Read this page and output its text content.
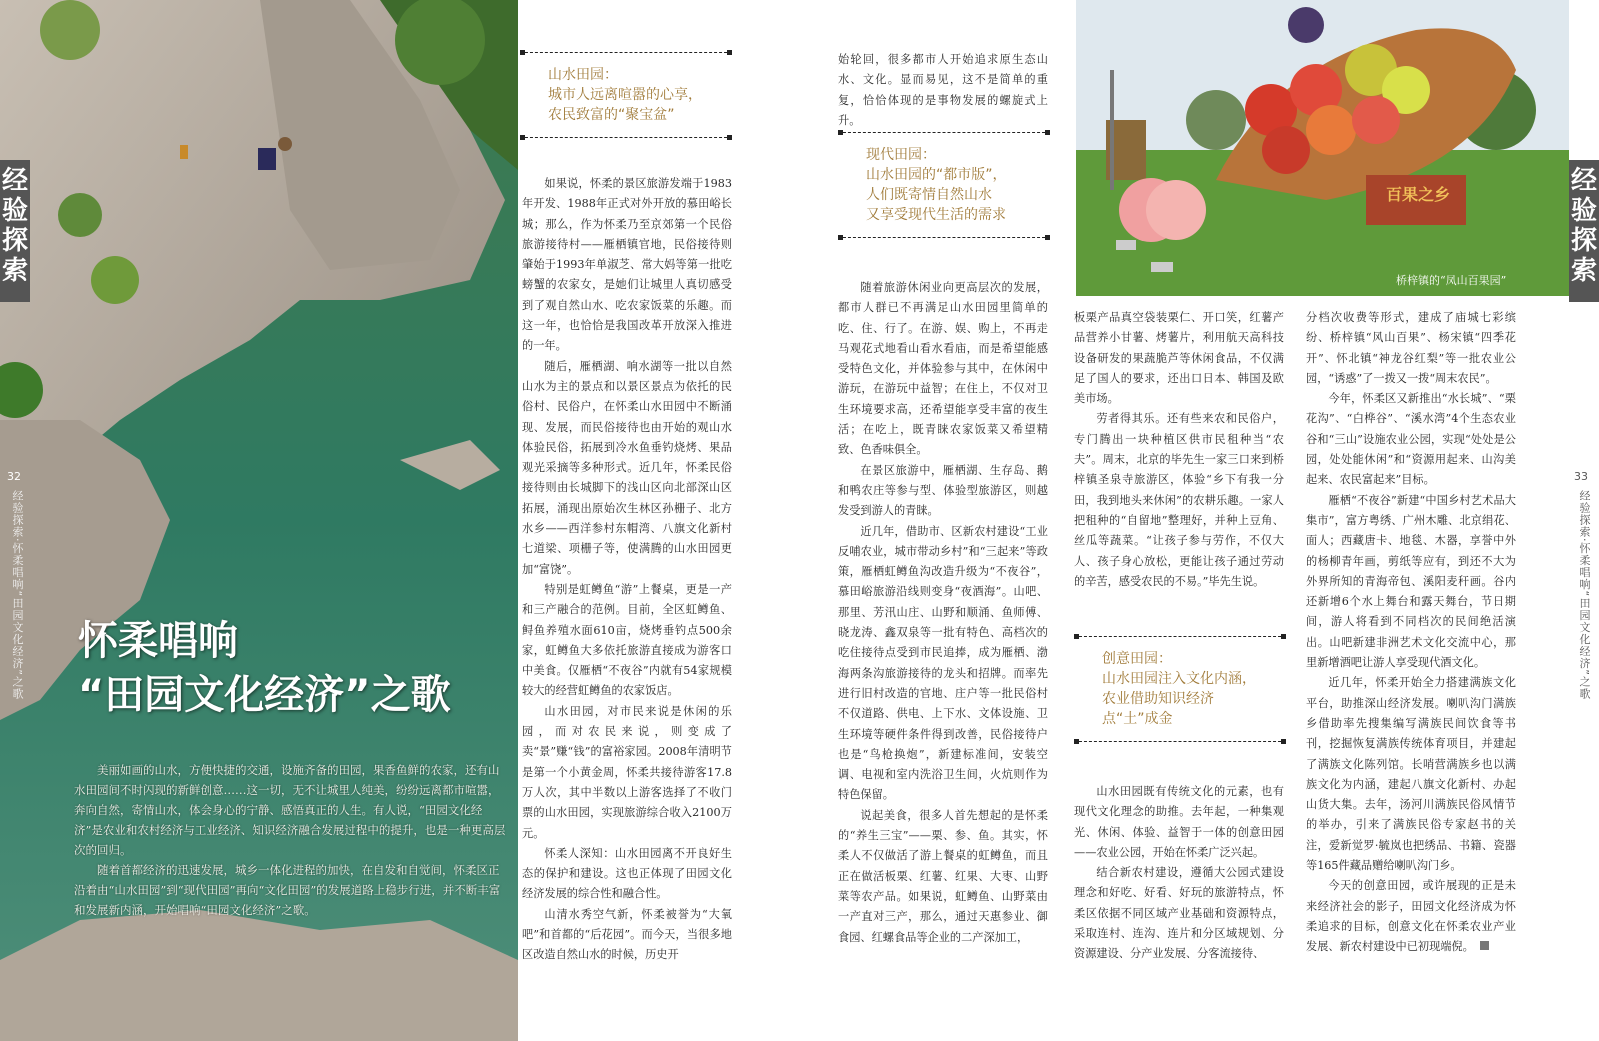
经验探索
32
经验探索·怀柔唱响“田园文化经济”之歌 怀柔唱响
“田园文化经济”之歌

美丽如画的山水，方便快捷的交通，设施齐备的田园，果香鱼鲜的农家，还有山水田园间不时闪现的新鲜创意……这一切，无不让城里人纯美，纷纷远离都市喧嚣，奔向自然，寄情山水，体会身心的宁静、感悟真正的人生。有人说，“田园文化经济”是农业和农村经济与工业经济、知识经济融合发展过程中的提升，也是一种更高层次的回归。

随着首都经济的迅速发展，城乡一体化进程的加快，在自发和自觉间，怀柔区正沿着由“山水田园”到“现代田园”再向“文化田园”的发展道路上稳步行进，并不断丰富和发展新内涵，开始唱响“田园文化经济”之歌。

山水田园：
城市人远离喧嚣的心享，
农民致富的“聚宝盆”

如果说，怀柔的景区旅游发端于1983年开发、1988年正式对外开放的慕田峪长城；那么，作为怀柔乃至京郊第一个民俗旅游接待村——雁栖镇官地，民俗接待则肇始于1993年单淑芝、常大妈等第一批吃螃蟹的农家女，是她们让城里人真切感受到了观自然山水、吃农家饭菜的乐趣。而这一年，也恰恰是我国改革开放深入推进的一年。

随后，雁栖湖、响水湖等一批以自然山水为主的景点和以景区景点为依托的民俗村、民俗户，在怀柔山水田园中不断涌现、发展，而民俗接待也由开始的观山水体验民俗，拓展到冷水鱼垂钓烧烤、果品观光采摘等多种形式。近几年，怀柔民俗接待则由长城脚下的浅山区向北部深山区拓展，涌现出原始次生林区孙栅子、北方水乡——西洋参村东帽湾、八旗文化新村七道梁、项栅子等，使满腾的山水田园更加“富饶”。

特别是虹鳟鱼“游”上餐桌，更是一产和三产融合的范例。目前，全区虹鳟鱼、鲟鱼养殖水面610亩，烧烤垂钓点500余家，虹鳟鱼大多依托旅游直接成为游客口中美食。仅雁栖“不夜谷”内就有54家规模较大的经营虹鳟鱼的农家饭店。

山水田园，对市民来说是休闲的乐园，而对农民来说，则变成了卖“景”赚“钱”的富裕家园。2008年清明节是第一个小黄金周，怀柔共接待游客17.8万人次，其中半数以上游客选择了不收门票的山水田园，实现旅游综合收入2100万元。

怀柔人深知：山水田园离不开良好生态的保护和建设。这也正体现了田园文化经济发展的综合性和融合性。

山清水秀空气新，怀柔被誉为“大氧吧”和首都的“后花园”。而今天，当很多地区改造自然山水的时候，历史开

始轮回，很多都市人开始追求原生态山水、文化。显而易见，这不是简单的重复，恰恰体现的是事物发展的螺旋式上升。

现代田园：
山水田园的“都市版”，
人们既寄情自然山水
又享受现代生活的需求

随着旅游休闲业向更高层次的发展，都市人群已不再满足山水田园里简单的吃、住、行了。在游、娱、购上，不再走马观花式地看山看水看庙，而是希望能感受特色文化，并体验参与其中，在休闲中游玩，在游玩中益智；在住上，不仅对卫生环境要求高，还希望能享受丰富的夜生活；在吃上，既青睐农家饭菜又希望精致、色香味俱全。

在景区旅游中，雁栖湖、生存岛、鹅和鸭农庄等参与型、体验型旅游区，则越发受到游人的青睐。

近几年，借助市、区新农村建设“工业反哺农业，城市带动乡村”和“三起来”等政策，雁栖虹鳟鱼沟改造升级为“不夜谷”，慕田峪旅游沿线则变身“夜酒海”。山吧、那里、芳汛山庄、山野和顺涌、鱼师傅、晓龙涛、鑫双泉等一批有特色、高档次的吃住接待点受到市民追捧，成为雁栖、渤海两条沟旅游接待的龙头和招牌。而率先进行旧村改造的官地、庄户等一批民俗村不仅道路、供电、上下水、文体设施、卫生环境等硬件条件得到改善，民俗接待户也是“鸟枪换炮”，新建标准间，安装空调、电视和室内洗浴卫生间，火炕则作为特色保留。

说起美食，很多人首先想起的是怀柔的“养生三宝”——栗、参、鱼。其实，怀柔人不仅做活了游上餐桌的虹鳟鱼，而且正在做活板栗、红薯、红果、大枣、山野菜等农产品。如果说，虹鳟鱼、山野菜由一产直对三产，那么，通过天惠参业、御食园、红螺食品等企业的二产深加工，

百果之乡
桥梓镇的“凤山百果园”
经验探索
33
经验探索·怀柔唱响“田园文化经济”之歌

板栗产品真空袋装栗仁、开口笑，红薯产品营养小甘薯、烤薯片，利用航天高科技设备研发的果蔬脆芦等休闲食品，不仅满足了国人的要求，还出口日本、韩国及欧美市场。

劳者得其乐。还有些来农和民俗户，专门腾出一块种植区供市民租种当“农夫”。周末，北京的毕先生一家三口来到桥梓镇圣泉寺旅游区，体验“乡下有我一分田，我到地头来休闲”的农耕乐趣。一家人把租种的“自留地”整理好，并种上豆角、丝瓜等蔬菜。“让孩子参与劳作，不仅大人、孩子身心放松，更能让孩子通过劳动的辛苦，感受农民的不易。”毕先生说。

创意田园：
山水田园注入文化内涵，
农业借助知识经济
点“土”成金

山水田园既有传统文化的元素，也有现代文化理念的助推。去年起，一种集观光、休闲、体验、益智于一体的创意田园——农业公园，开始在怀柔广泛兴起。

结合新农村建设，遵循大公园式建设理念和好吃、好看、好玩的旅游特点，怀柔区依据不同区域产业基础和资源特点，采取连村、连沟、连片和分区域规划、分资源建设、分产业发展、分客流接待、

分档次收费等形式，建成了庙城七彩缤纷、桥梓镇“风山百果”、杨宋镇“四季花开”、怀北镇“神龙谷红梨”等一批农业公园，“诱惑”了一拨又一拨“周末农民”。

今年，怀柔区又新推出“水长城”、“栗花沟”、“白桦谷”、“溪水湾”4个生态农业谷和“三山”设施农业公园，实现“处处是公园，处处能休闲”和“资源用起来、山沟美起来、农民富起来”目标。

雁栖“不夜谷”新建“中国乡村艺术品大集市”，富方粤绣、广州木雕、北京绢花、面人；西藏唐卡、地毯、木器，享誉中外的杨柳青年画，剪纸等应有，到还不大为外界所知的青海帝包、溪阳麦秆画。谷内还新增6个水上舞台和露天舞台，节日期间，游人将看到不同档次的民间绝活演出。山吧新建非洲艺术文化交流中心，那里新增酒吧让游人享受现代酒文化。

近几年，怀柔开始全力搭建满族文化平台，助推深山经济发展。喇叭沟门满族乡借助率先搜集编写满族民间饮食等书刊，挖掘恢复满族传统体育项目，并建起了满族文化陈列馆。长哨营满族乡也以满族文化为内涵，建起八旗文化新村、办起山货大集。去年，汤河川满族民俗风情节的举办，引来了满族民俗专家赵书的关注，爱新觉罗·毓岚也把绣品、书籍、瓷器等165件藏品赠给喇叭沟门乡。

今天的创意田园，或许展现的正是未来经济社会的影子，田园文化经济成为怀柔追求的目标，创意文化在怀柔农业产业发展、新农村建设中已初现端倪。
